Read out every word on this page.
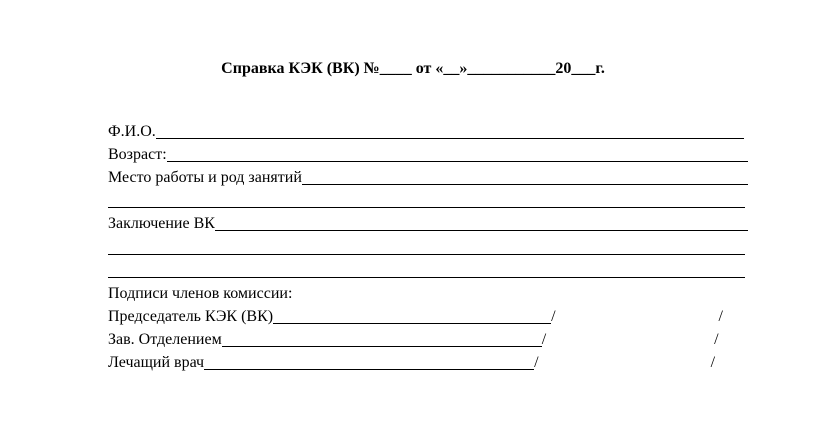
Справка КЭК (ВК) №____ от «__»___________20___г.
Ф.И.О.
Возраст:
Место работы и род занятий
Заключение ВК
Подписи членов комиссии:
Председатель КЭК (ВК)	/	/
Зав. Отделением	/	/
Лечащий врач	/	/
